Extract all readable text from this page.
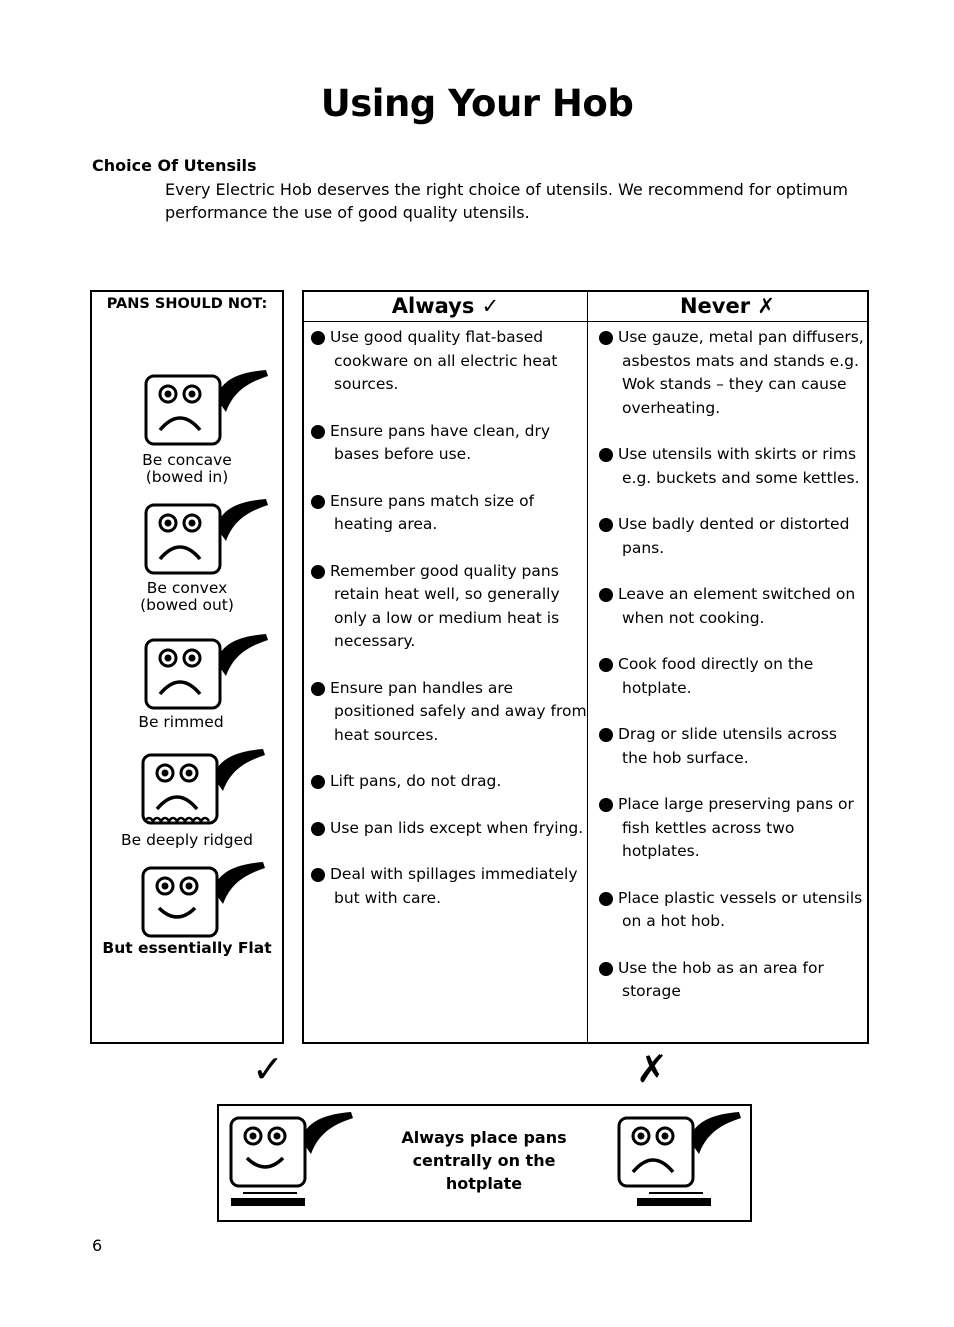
Using Your Hob
Choice Of Utensils
Every Electric Hob deserves the right choice of utensils. We recommend for optimum performance the use of good quality utensils.
PANS SHOULD NOT:
Be concave
(bowed in)
Be convex
(bowed out)
Be rimmed
Be deeply ridged
But essentially Flat
Always ✓	Never ✗
Use good quality flat-based cookware on all electric heat sources.
Ensure pans have clean, dry bases before use.
Ensure pans match size of heating area.
Remember good quality pans retain heat well, so generally only a low or medium heat is necessary.
Ensure pan handles are positioned safely and away from heat sources.
Lift pans, do not drag.
Use pan lids except when frying.
Deal with spillages immediately but with care.
Use gauze, metal pan diffusers, asbestos mats and stands e.g. Wok stands – they can cause overheating.
Use utensils with skirts or rims e.g. buckets and some kettles.
Use badly dented or distorted pans.
Leave an element switched on when not cooking.
Cook food directly on the hotplate.
Drag or slide utensils across the hob surface.
Place large preserving pans or fish kettles across two hotplates.
Place plastic vessels or utensils on a hot hob.
Use the hob as an area for storage
✓	✗
Always place pans centrally on the hotplate
6
